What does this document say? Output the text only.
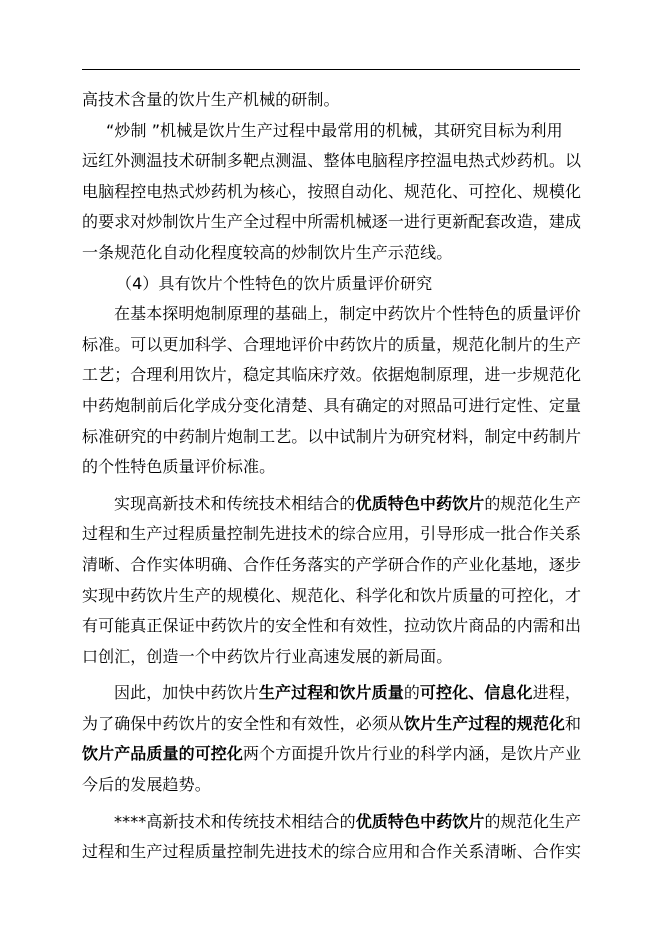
高技术含量的饮片生产机械的研制。
“炒制 ”机械是饮片生产过程中最常用的机械，其研究目标为利用
远红外测温技术研制多靶点测温、整体电脑程序控温电热式炒药机。以
电脑程控电热式炒药机为核心，按照自动化、规范化、可控化、规模化
的要求对炒制饮片生产全过程中所需机械逐一进行更新配套改造，建成
一条规范化自动化程度较高的炒制饮片生产示范线。
（4）具有饮片个性特色的饮片质量评价研究
在基本探明炮制原理的基础上，制定中药饮片个性特色的质量评价
标准。可以更加科学、合理地评价中药饮片的质量，规范化制片的生产
工艺；合理利用饮片，稳定其临床疗效。依据炮制原理，进一步规范化
中药炮制前后化学成分变化清楚、具有确定的对照品可进行定性、定量
标准研究的中药制片炮制工艺。以中试制片为研究材料，制定中药制片
的个性特色质量评价标准。
实现高新技术和传统技术相结合的优质特色中药饮片的规范化生产
过程和生产过程质量控制先进技术的综合应用，引导形成一批合作关系
清晰、合作实体明确、合作任务落实的产学研合作的产业化基地，逐步
实现中药饮片生产的规模化、规范化、科学化和饮片质量的可控化，才
有可能真正保证中药饮片的安全性和有效性，拉动饮片商品的内需和出
口创汇，创造一个中药饮片行业高速发展的新局面。
因此，加快中药饮片生产过程和饮片质量的可控化、信息化进程，
为了确保中药饮片的安全性和有效性，必须从饮片生产过程的规范化和
饮片产品质量的可控化两个方面提升饮片行业的科学内涵，是饮片产业
今后的发展趋势。
****高新技术和传统技术相结合的优质特色中药饮片的规范化生产
过程和生产过程质量控制先进技术的综合应用和合作关系清晰、合作实
